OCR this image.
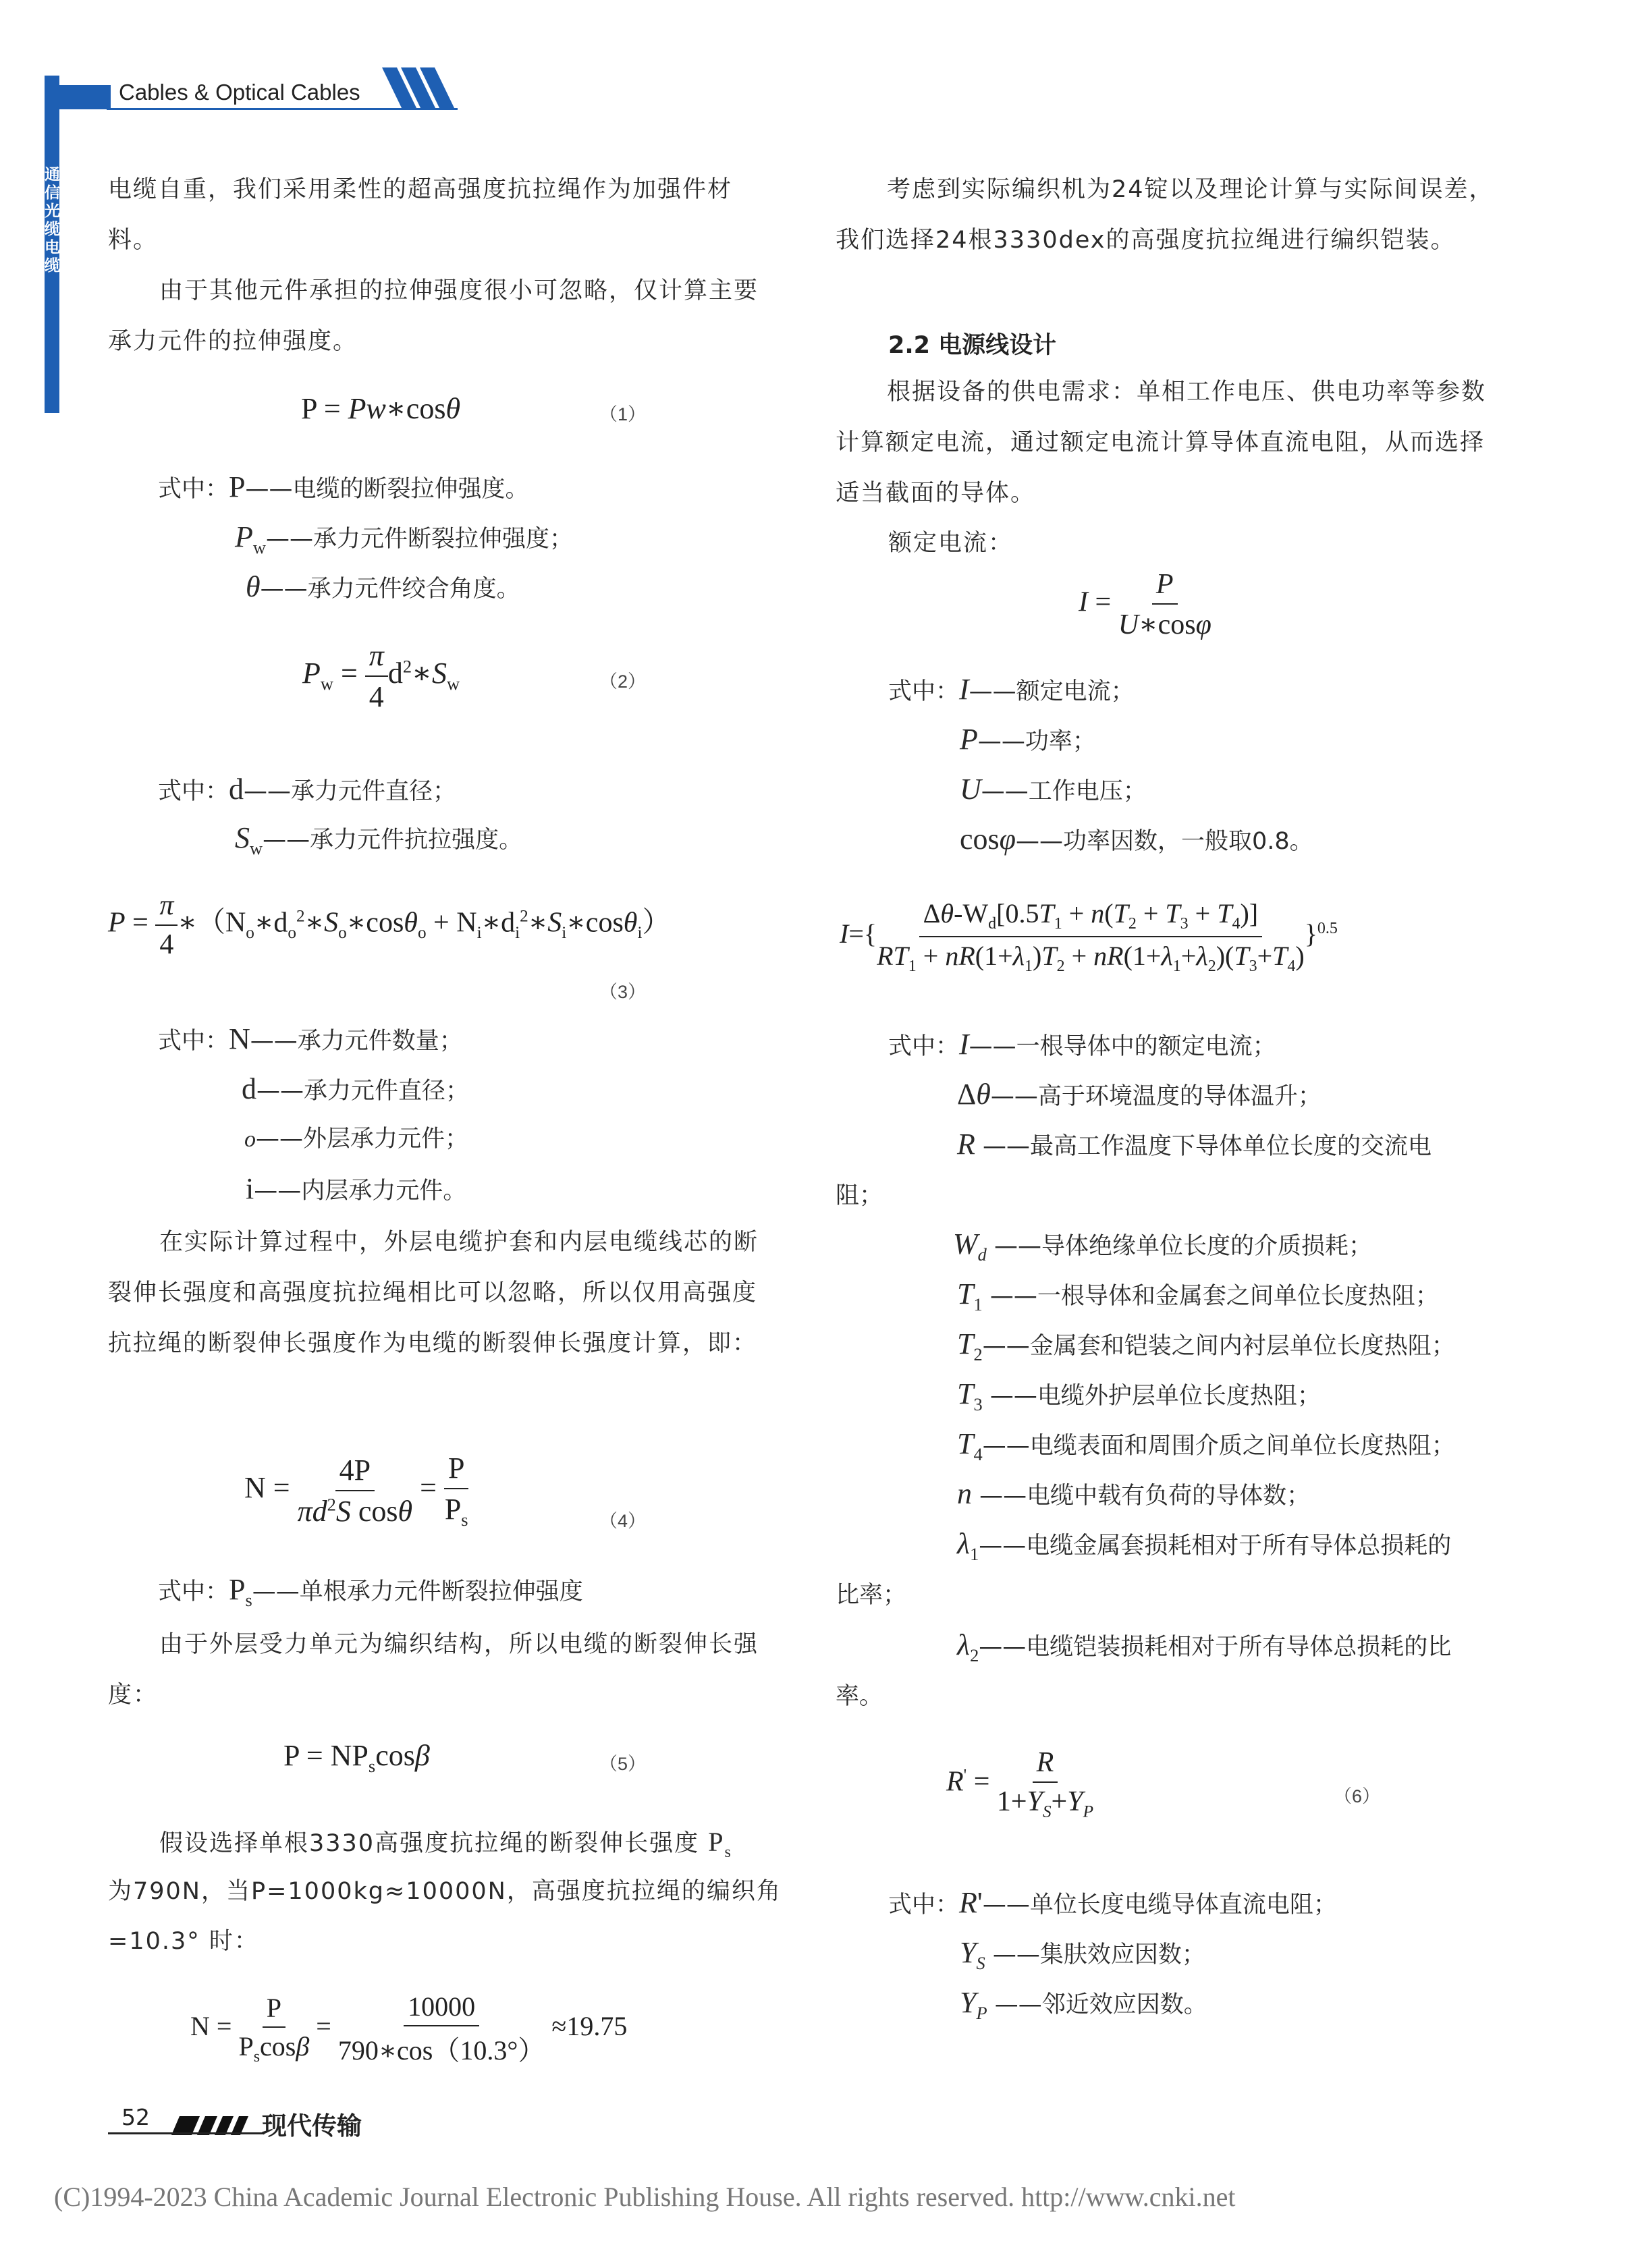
Cables & Optical Cables
通信光缆电缆
电缆自重，我们采用柔性的超高强度抗拉绳作为加强件材料。
由于其他元件承担的拉伸强度很小可忽略，仅计算主要承力元件的拉伸强度。
P = Pw∗cosθ	（1）
式中：P——电缆的断裂拉伸强度。
$P_w——$承力元件断裂拉伸强度；
θ——承力元件绞合角度。
$P_w = \frac{\pi}{4}$ $d^2∗S_w$	（2）
式中：d——承力元件直径；
$S_w——$承力元件抗拉强度。
$P = \frac{\pi}{4}$ $∗(N_o∗d_o^2∗S_o∗\cos\theta_o$ + $N_i∗d_i^2∗S_i∗\cos\theta_i$）
（3）
式中：N——承力元件数量；
d——承力元件直径；
o——外层承力元件；
i——内层承力元件。
在实际计算过程中，外层电缆护套和内层电缆线芯的断裂伸长强度和高强度抗拉绳相比可以忽略，所以仅用高强度抗拉绳的断裂伸长强度作为电缆的断裂伸长强度计算，即：
$N = \frac{4P}{\pi d^2S \cos\theta} = \frac{P}{P_s}$	（4）
式中：$P_s——$单根承力元件断裂拉伸强度
由于外层受力单元为编织结构，所以电缆的断裂伸长强度：
$P = NP_s\cos\beta$	（5）
假设选择单根3330高强度抗拉绳的断裂伸长强度 $P_s$
为790N，当P=1000kg≈10000N，高强度抗拉绳的编织角
=10.3° 时：
$N = \frac{P}{P_s\cos\beta} = \frac{10000}{790∗\cos(10.3^\circ)} \approx 19.75$
考虑到实际编织机为24锭以及理论计算与实际间误差，我们选择24根3330dex的高强度抗拉绳进行编织铠装。
2.2 电源线设计
根据设备的供电需求：单相工作电压、供电功率等参数计算额定电流，通过额定电流计算导体直流电阻，从而选择适当截面的导体。
额定电流：
$I = \frac{P}{U∗\cos\varphi}$
式中：I——额定电流；
P——功率；
U——工作电压；
cosφ——功率因数，一般取0.8。
$I=\{ \frac{\Delta\theta-W_d[0.5T_1 + n(T_2 + T_3 + T_4)]}{RT_1 + nR(1+\lambda_1)T_2 + nR(1+\lambda_1+\lambda_2)(T_3+T_4)} \}^{0.5}$
式中：I——一根导体中的额定电流；
Δθ——高于环境温度的导体温升；
R ——最高工作温度下导体单位长度的交流电
阻；
$W_d$ ——导体绝缘单位长度的介质损耗；
$T_1$ ——一根导体和金属套之间单位长度热阻；
$T_2——$金属套和铠装之间内衬层单位长度热阻；
$T_3$ ——电缆外护层单位长度热阻；
$T_4——$电缆表面和周围介质之间单位长度热阻；
n ——电缆中载有负荷的导体数；
$\lambda_1——$电缆金属套损耗相对于所有导体总损耗的
比率；
$\lambda_2——$电缆铠装损耗相对于所有导体总损耗的比
率。
$R' = \frac{R}{1+Y_S+Y_P}$	（6）
式中：R'——单位长度电缆导体直流电阻；
$Y_S$ ——集肤效应因数；
$Y_P$ ——邻近效应因数。
52	现代传输
(C)1994-2023 China Academic Journal Electronic Publishing House. All rights reserved. http://www.cnki.net
